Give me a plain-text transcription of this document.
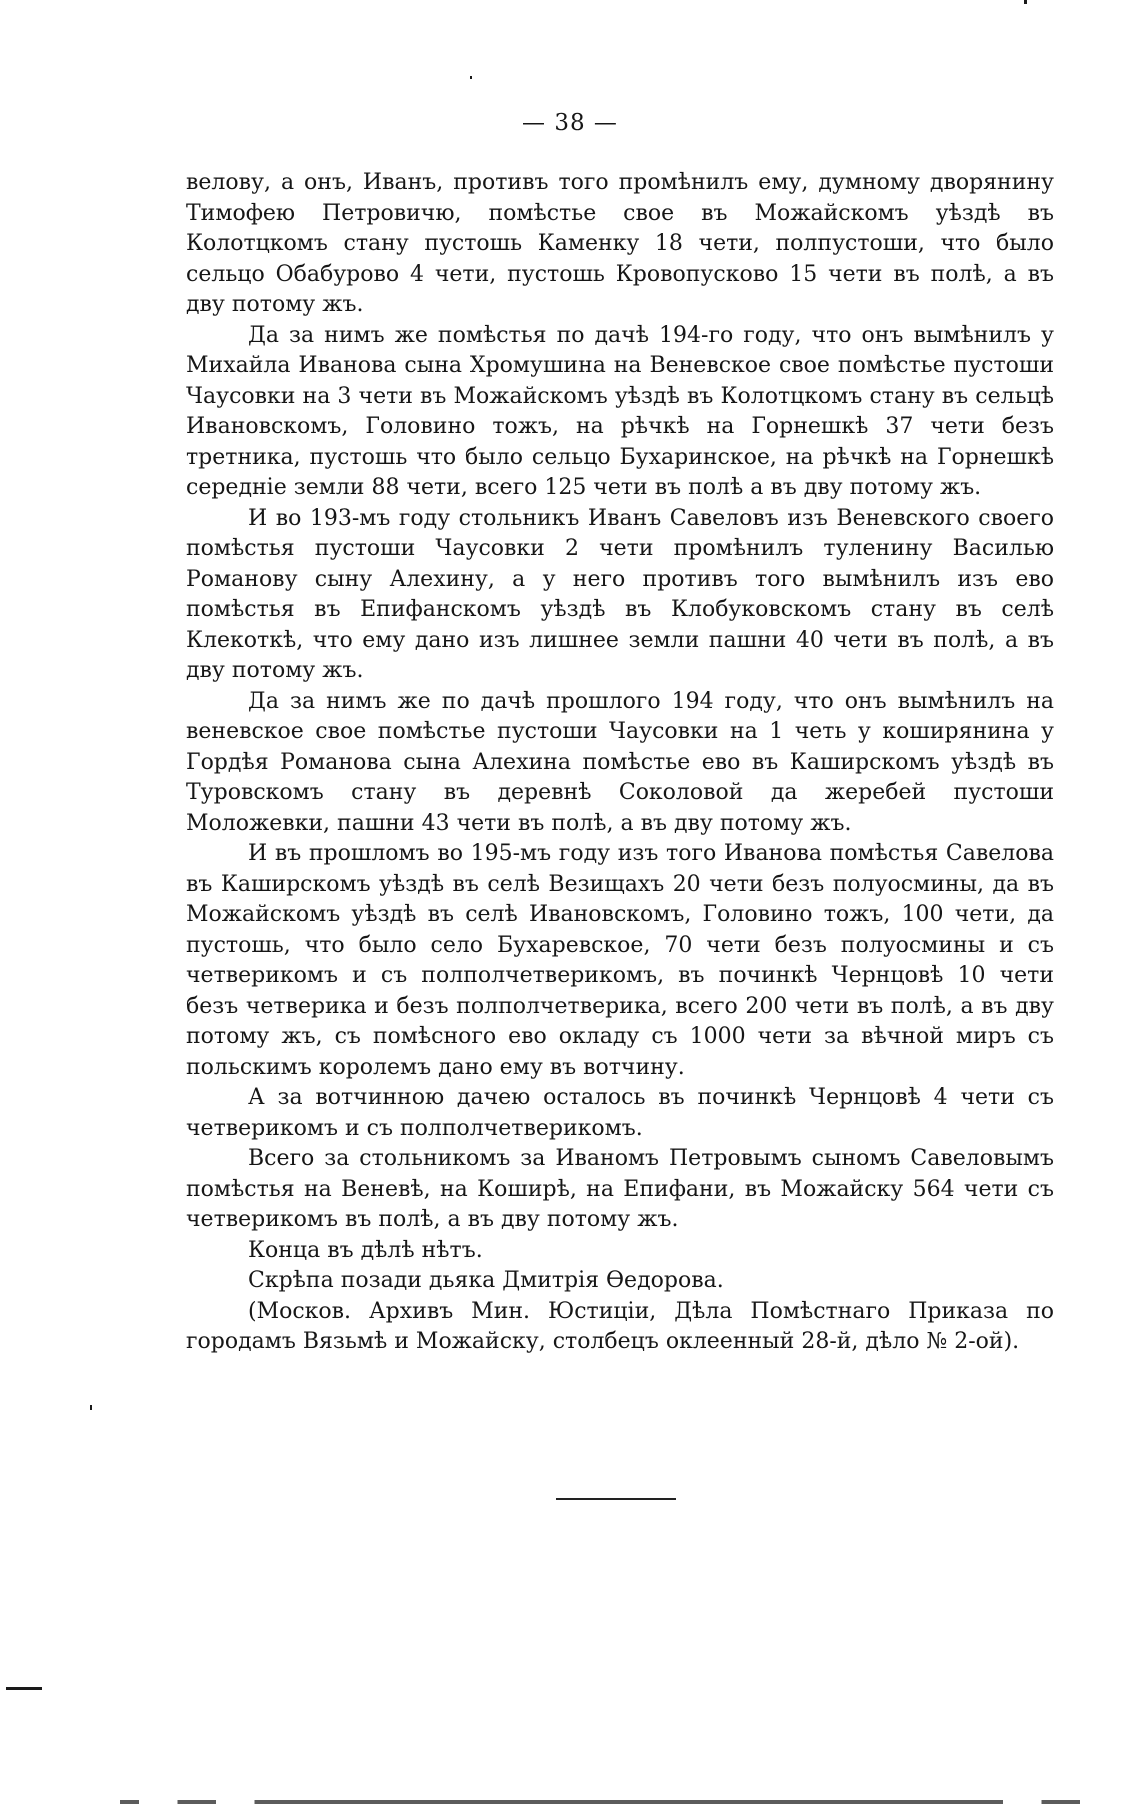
— 38 —

велову, а онъ, Иванъ, противъ того промѣнилъ ему, думному дворянину Тимофею Петровичю, помѣстье свое въ Можайскомъ уѣздѣ въ Колотцкомъ стану пустошь Каменку 18 чети, полпустоши, что было сельцо Обабурово 4 чети, пустошь Кровопусково 15 чети въ полѣ, а въ дву потому жъ.

Да за нимъ же помѣстья по дачѣ 194-го году, что онъ вымѣнилъ у Михайла Иванова сына Хромушина на Веневское свое помѣстье пустоши Чаусовки на 3 чети въ Можайскомъ уѣздѣ въ Колотцкомъ стану въ сельцѣ Ивановскомъ, Головино тожъ, на рѣчкѣ на Горнешкѣ 37 чети безъ третника, пустошь что было сельцо Бухаринское, на рѣчкѣ на Горнешкѣ середніе земли 88 чети, всего 125 чети въ полѣ а въ дву потому жъ.

И во 193-мъ году стольникъ Иванъ Савеловъ изъ Веневского своего помѣстья пустоши Чаусовки 2 чети промѣнилъ туленину Василью Романову сыну Алехину, а у него противъ того вымѣнилъ изъ ево помѣстья въ Епифанскомъ уѣздѣ въ Клобуковскомъ стану въ селѣ Клекоткѣ, что ему дано изъ лишнее земли пашни 40 чети въ полѣ, а въ дву потому жъ.

Да за нимъ же по дачѣ прошлого 194 году, что онъ вымѣнилъ на веневское свое помѣстье пустоши Чаусовки на 1 четь у коширянина у Гордѣя Романова сына Алехина помѣстье ево въ Каширскомъ уѣздѣ въ Туровскомъ стану въ деревнѣ Соколовой да жеребей пустоши Моложевки, пашни 43 чети въ полѣ, а въ дву потому жъ.

И въ прошломъ во 195-мъ году изъ того Иванова помѣстья Савелова въ Каширскомъ уѣздѣ въ селѣ Везищахъ 20 чети безъ полуосмины, да въ Можайскомъ уѣздѣ въ селѣ Ивановскомъ, Головино тожъ, 100 чети, да пустошь, что было село Бухаревское, 70 чети безъ полуосмины и съ четверикомъ и съ полполчетверикомъ, въ починкѣ Чернцовѣ 10 чети безъ четверика и безъ полполчетверика, всего 200 чети въ полѣ, а въ дву потому жъ, съ помѣсного ево окладу съ 1000 чети за вѣчной миръ съ польскимъ королемъ дано ему въ вотчину.

А за вотчинною дачею осталось въ починкѣ Чернцовѣ 4 чети съ четверикомъ и съ полполчетверикомъ.

Всего за стольникомъ за Иваномъ Петровымъ сыномъ Савеловымъ помѣстья на Веневѣ, на Коширѣ, на Епифани, въ Можайску 564 чети съ четверикомъ въ полѣ, а въ дву потому жъ.

Конца въ дѣлѣ нѣтъ.

Скрѣпа позади дьяка Дмитрія Ѳедорова.

(Москов. Архивъ Мин. Юстиціи, Дѣла Помѣстнаго Приказа по городамъ Вязьмѣ и Можайску, столбецъ оклеенный 28-й, дѣло № 2-ой).
